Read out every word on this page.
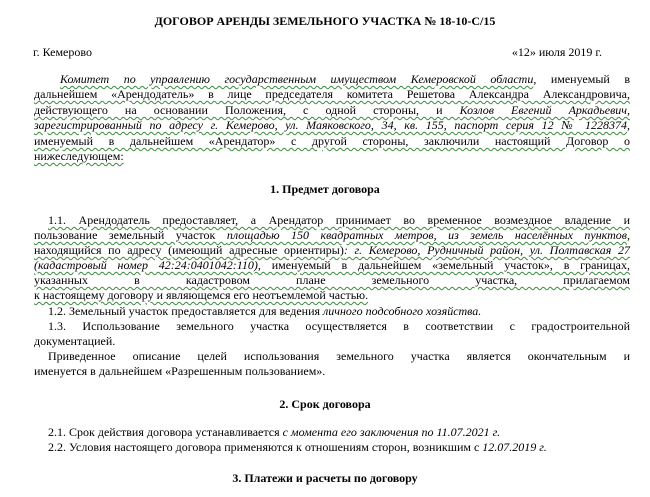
ДОГОВОР АРЕНДЫ ЗЕМЕЛЬНОГО УЧАСТКА № 18-10-С/15
г. Кемерово	«12» июля 2019 г.
Комитет по управлению государственным имуществом Кемеровской области, именуемый в
дальнейшем «Арендодатель» в лице председателя комитета Решетова Александра Александровича,
действующего на основании Положения, с одной стороны, и Козлов Евгений Аркадьевич,
зарегистрированный по адресу г. Кемерово, ул. Маяковского, 34, кв. 155, паспорт серия 12 № 1228374,
именуемый в дальнейшем «Арендатор» с другой стороны, заключили настоящий Договор о
нижеследующем:
1. Предмет договора
1.1. Арендодатель предоставляет, а Арендатор принимает во временное возмездное владение и
пользование земельный участок площадью 150 квадратных метров, из земель населённых пунктов,
находящийся по адресу (имеющий адресные ориентиры): г. Кемерово, Рудничный район, ул. Полтавская 27
(кадастровый номер 42:24:0401042:110), именуемый в дальнейшем «земельный участок», в границах,
указанных в кадастровом плане земельного участка, прилагаемом
к настоящему договору и являющемся его неотъемлемой частью.
1.2. Земельный участок предоставляется для ведения личного подсобного хозяйства.
1.3. Использование земельного участка осуществляется в соответствии с градостроительной
документацией.
Приведенное описание целей использования земельного участка является окончательным и
именуется в дальнейшем «Разрешенным пользованием».
2. Срок договора
2.1. Срок действия договора устанавливается с момента его заключения по 11.07.2021 г.
2.2. Условия настоящего договора применяются к отношениям сторон, возникшим с 12.07.2019 г.
3. Платежи и расчеты по договору
